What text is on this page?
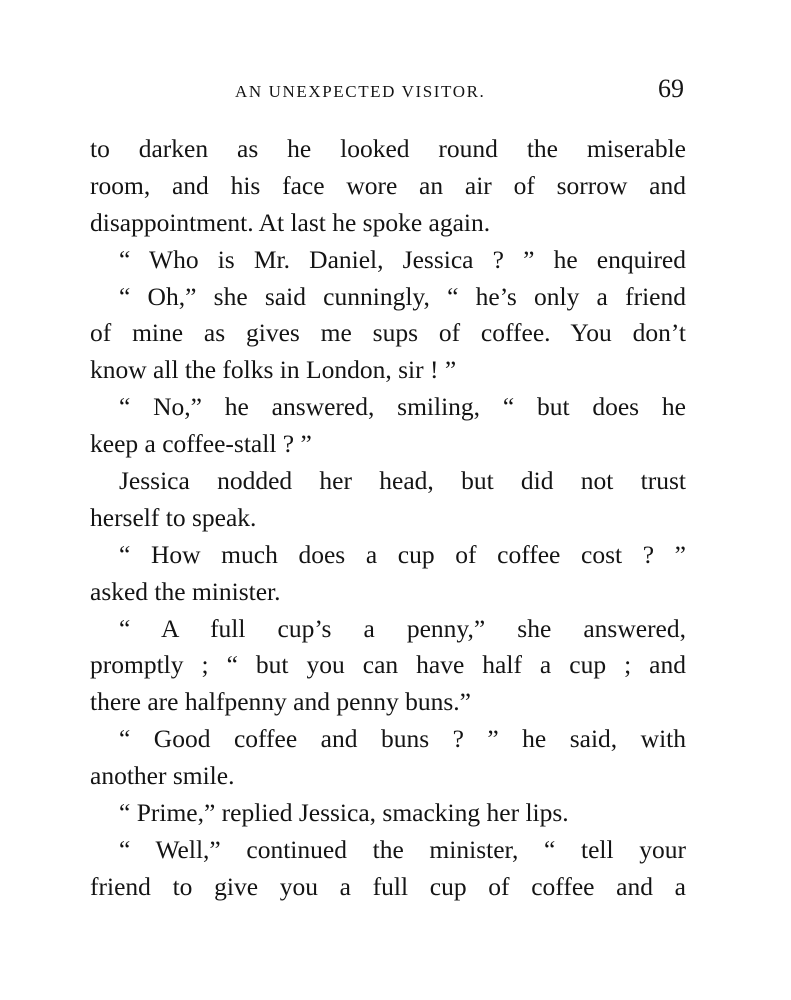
AN UNEXPECTED VISITOR.	69
to darken as he looked round the miserable
room, and his face wore an air of sorrow and
disappointment. At last he spoke again.
“ Who is Mr. Daniel, Jessica ? ” he enquired
“ Oh,” she said cunningly, “ he’s only a friend
of mine as gives me sups of coffee. You don’t
know all the folks in London, sir ! ”
“ No,” he answered, smiling, “ but does he
keep a coffee-stall ? ”
Jessica nodded her head, but did not trust
herself to speak.
“ How much does a cup of coffee cost ? ”
asked the minister.
“ A full cup’s a penny,” she answered,
promptly ; “ but you can have half a cup ; and
there are halfpenny and penny buns.”
“ Good coffee and buns ? ” he said, with
another smile.
“ Prime,” replied Jessica, smacking her lips.
“ Well,” continued the minister, “ tell your
friend to give you a full cup of coffee and a
